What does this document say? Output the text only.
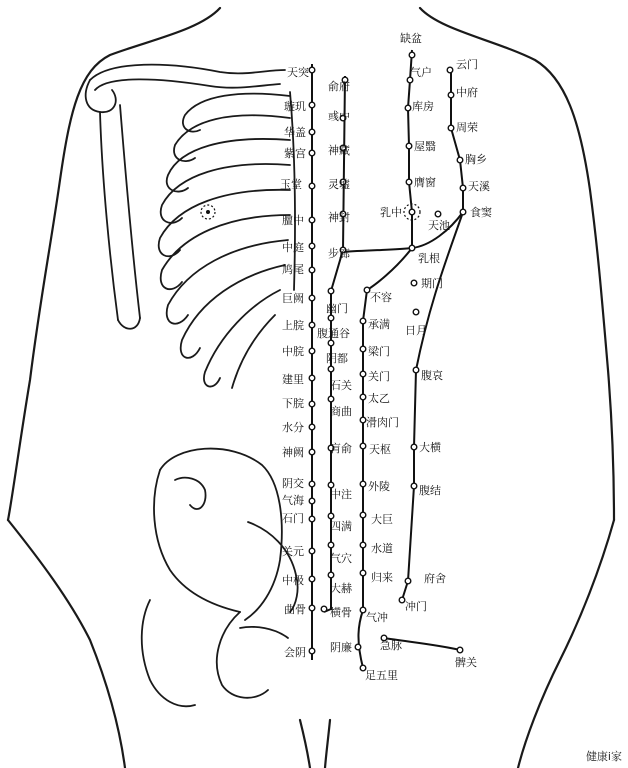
缺盆
气户
云门
中府
库房
周荣
屋翳
胸乡
膺窗	天溪
乳中
天池
食窦
乳根
期门
不容
日月
承满
梁门
腹哀
关门
太乙
滑肉门
天枢	大横
外陵	腹结
大巨
水道
归来	府舍
冲门
气冲
急脉
髀关
足五里
阴廉
俞府
彧中
神藏
灵墟
神封
步廊
幽门
腹通谷
阴都
石关
商曲
肓俞
中注
四满
气穴
大赫
横骨
天突
璇玑
华盖
紫宫
玉堂
膻中
中庭
鸠尾
巨阙
上脘
中脘
建里
下脘
水分
神阙
阴交
气海
石门
关元
中极
曲骨
会阴
健康i家
